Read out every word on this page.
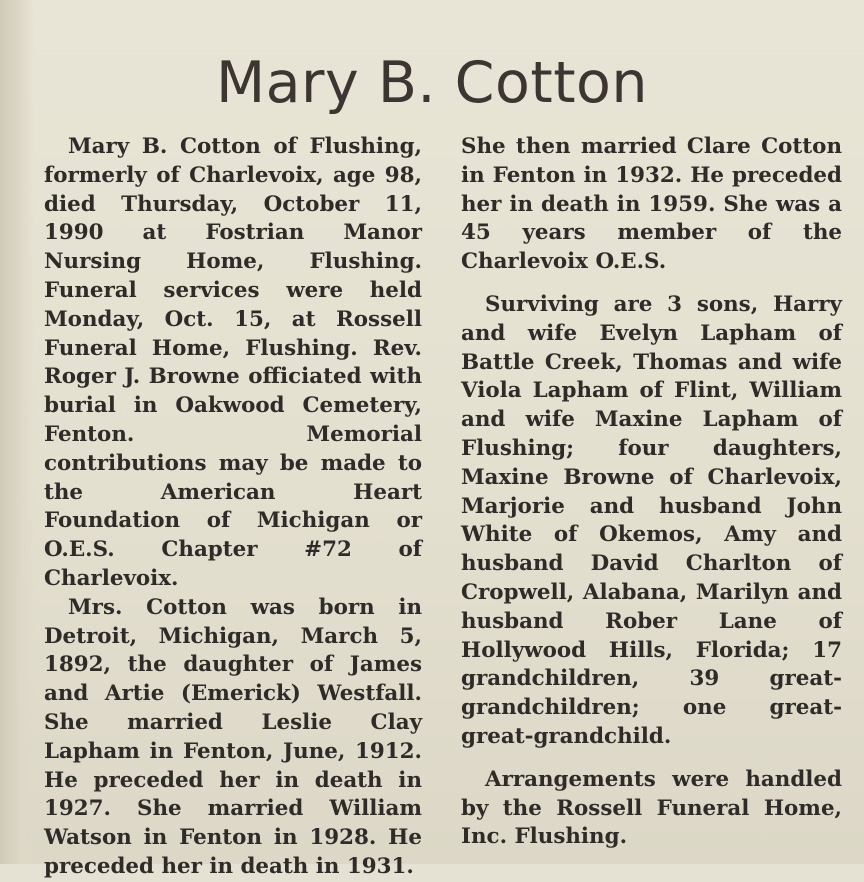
Mary B. Cotton

Mary B. Cotton of Flushing, formerly of Charlevoix, age 98, died Thursday, October 11, 1990 at Fostrian Manor Nursing Home, Flushing. Funeral services were held Monday, Oct. 15, at Rossell Funeral Home, Flushing. Rev. Roger J. Browne officiated with burial in Oakwood Cemetery, Fenton. Memorial contributions may be made to the American Heart Foundation of Michigan or O.E.S. Chapter #72 of Charlevoix.

Mrs. Cotton was born in Detroit, Michigan, March 5, 1892, the daughter of James and Artie (Emerick) Westfall. She married Leslie Clay Lapham in Fenton, June, 1912. He preceded her in death in 1927. She married William Watson in Fenton in 1928. He preceded her in death in 1931.

She then married Clare Cotton in Fenton in 1932. He preceded her in death in 1959. She was a 45 years member of the Charlevoix O.E.S.

Surviving are 3 sons, Harry and wife Evelyn Lapham of Battle Creek, Thomas and wife Viola Lapham of Flint, William and wife Maxine Lapham of Flushing; four daughters, Maxine Browne of Charlevoix, Marjorie and husband John White of Okemos, Amy and husband David Charlton of Cropwell, Alabana, Marilyn and husband Rober Lane of Hollywood Hills, Florida; 17 grandchildren, 39 great-grandchildren; one great-great-grandchild.

Arrangements were handled by the Rossell Funeral Home, Inc. Flushing.
